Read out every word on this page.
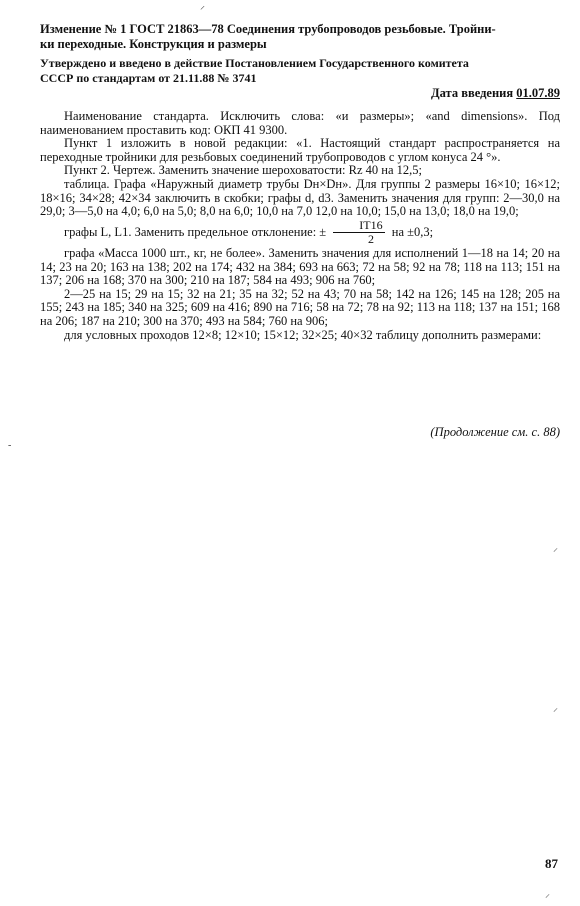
Изменение № 1 ГОСТ 21863—78 Соединения трубопроводов резьбовые. Тройни-

ки переходные. Конструкция и размеры

Утверждено и введено в действие Постановлением Государственного комитета

СССР по стандартам от 21.11.88 № 3741

Дата введения 01.07.89

Наименование стандарта. Исключить слова: «и размеры»; «and dimensions». Под наименованием проставить код: ОКП 41 9300.

Пункт 1 изложить в новой редакции: «1. Настоящий стандарт распространяется на переходные тройники для резьбовых соединений трубопроводов с углом конуса 24 °».

Пункт 2. Чертеж. Заменить значение шероховатости: Rz 40 на 12,5;

таблица. Графа «Наружный диаметр трубы Dн×Dн». Для группы 2 размеры 16×10; 16×12; 18×16; 34×28; 42×34 заключить в скобки; графы d, d3. Заменить значения для групп: 2—30,0 на 29,0; 3—5,0 на 4,0; 6,0 на 5,0; 8,0 на 6,0; 10,0 на 7,0 12,0 на 10,0; 15,0 на 13,0; 18,0 на 19,0;

графы L, L1. Заменить предельное отклонение: ± $\frac{IT16}{2}$ на ±0,3;

графа «Масса 1000 шт., кг, не более». Заменить значения для исполнений 1—18 на 14; 20 на 14; 23 на 20; 163 на 138; 202 на 174; 432 на 384; 693 на 663; 72 на 58; 92 на 78; 118 на 113; 151 на 137; 206 на 168; 370 на 300; 210 на 187; 584 на 493; 906 на 760;

2—25 на 15; 29 на 15; 32 на 21; 35 на 32; 52 на 43; 70 на 58; 142 на 126; 145 на 128; 205 на 155; 243 на 185; 340 на 325; 609 на 416; 890 на 716; 58 на 72; 78 на 92; 113 на 118; 137 на 151; 168 на 206; 187 на 210; 300 на 370; 493 на 584; 760 на 906;

для условных проходов 12×8; 12×10; 15×12; 32×25; 40×32 таблицу дополнить размерами:

(Продолжение см. с. 88)
87
⸍
⸝
⸝
⸝
-
